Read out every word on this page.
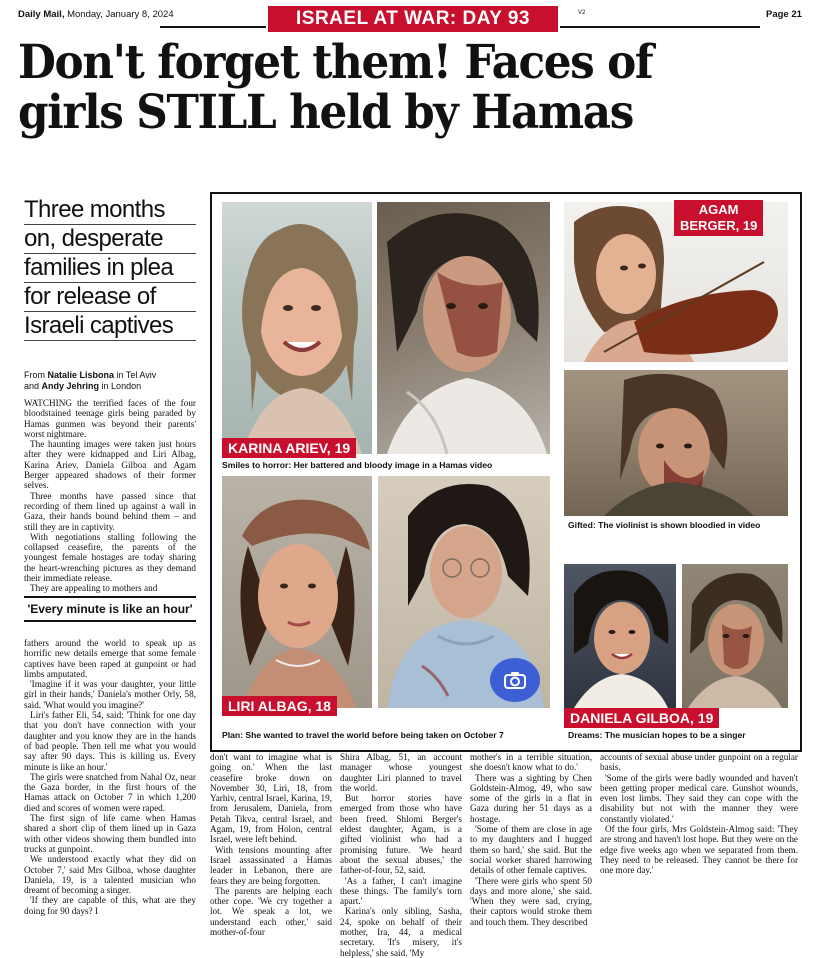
Daily Mail, Monday, January 8, 2024	V2	Page 21
ISRAEL AT WAR: DAY 93
Don't forget them! Faces of
girls STILL held by Hamas
Three months
on, desperate
families in plea
for release of
Israeli captives
From Natalie Lisbona in Tel Aviv
and Andy Jehring in London

WATCHING the terrified faces of the four bloodstained teenage girls being paraded by Hamas gunmen was beyond their parents' worst nightmare.

The haunting images were taken just hours after they were kidnapped and Liri Albag, Karina Ariev, Daniela Gilboa and Agam Berger appeared shadows of their former selves.

Three months have passed since that recording of them lined up against a wall in Gaza, their hands bound behind them – and still they are in captivity.

With negotiations stalling following the collapsed ceasefire, the parents of the youngest female hostages are today sharing the heart-wrenching pictures as they demand their immediate release.

They are appealing to mothers and

'Every minute is like an hour'

fathers around the world to speak up as horrific new details emerge that some female captives have been raped at gunpoint or had limbs amputated.

'Imagine if it was your daughter, your little girl in their hands,' Daniela's mother Orly, 58, said. 'What would you imagine?'

Liri's father Eli, 54, said: 'Think for one day that you don't have connection with your daughter and you know they are in the hands of bad people. Then tell me what you would say after 90 days. This is killing us. Every minute is like an hour.'

The girls were snatched from Nahal Oz, near the Gaza border, in the first hours of the Hamas attack on October 7 in which 1,200 died and scores of women were raped.

The first sign of life came when Hamas shared a short clip of them lined up in Gaza with other videos showing them bundled into trucks at gunpoint.

We understood exactly what they did on October 7,' said Mrs Gilboa, whose daughter Daniela, 19, is a talented musician who dreamt of becoming a singer.

'If they are capable of this, what are they doing for 90 days? I

KARINA ARIEV, 19
Smiles to horror: Her battered and bloody image in a Hamas video
AGAM
BERGER, 19
Gifted: The violinist is shown bloodied in video
LIRI ALBAG, 18
Plan: She wanted to travel the world before being taken on October 7
DANIELA GILBOA, 19
Dreams: The musician hopes to be a singer

don't want to imagine what is going on.' When the last ceasefire broke down on November 30, Liri, 18, from Yarhiv, central Israel, Karina, 19, from Jerusalem, Daniela, from Petah Tikva, central Israel, and Agam, 19, from Holon, central Israel, were left behind.

With tensions mounting after Israel assassinated a Hamas leader in Lebanon, there are fears they are being forgotten.

The parents are helping each other cope. 'We cry together a lot. We speak a lot, we understand each other,' said mother-of-four

Shira Albag, 51, an account manager whose youngest daughter Liri planned to travel the world.

But horror stories have emerged from those who have been freed. Shlomi Berger's eldest daughter, Agam, is a gifted violinist who had a promising future. 'We heard about the sexual abuses,' the father-of-four, 52, said.

'As a father, I can't imagine these things. The family's torn apart.'

Karina's only sibling, Sasha, 24, spoke on behalf of their mother, Ira, 44, a medical secretary. 'It's misery, it's helpless,' she said. 'My

mother's in a terrible situation, she doesn't know what to do.'

There was a sighting by Chen Goldstein-Almog, 49, who saw some of the girls in a flat in Gaza during her 51 days as a hostage.

'Some of them are close in age to my daughters and I hugged them so hard,' she said. But the social worker shared harrowing details of other female captives.

'There were girls who spent 50 days and more alone,' she said. 'When they were sad, crying, their captors would stroke them and touch them. They described

accounts of sexual abuse under gunpoint on a regular basis.

'Some of the girls were badly wounded and haven't been getting proper medical care. Gunshot wounds, even lost limbs. They said they can cope with the disability but not with the manner they were constantly violated.'

Of the four girls, Mrs Goldstein-Almog said: 'They are strong and haven't lost hope. But they were on the edge five weeks ago when we separated from them. They need to be released. They cannot be there for one more day.'
